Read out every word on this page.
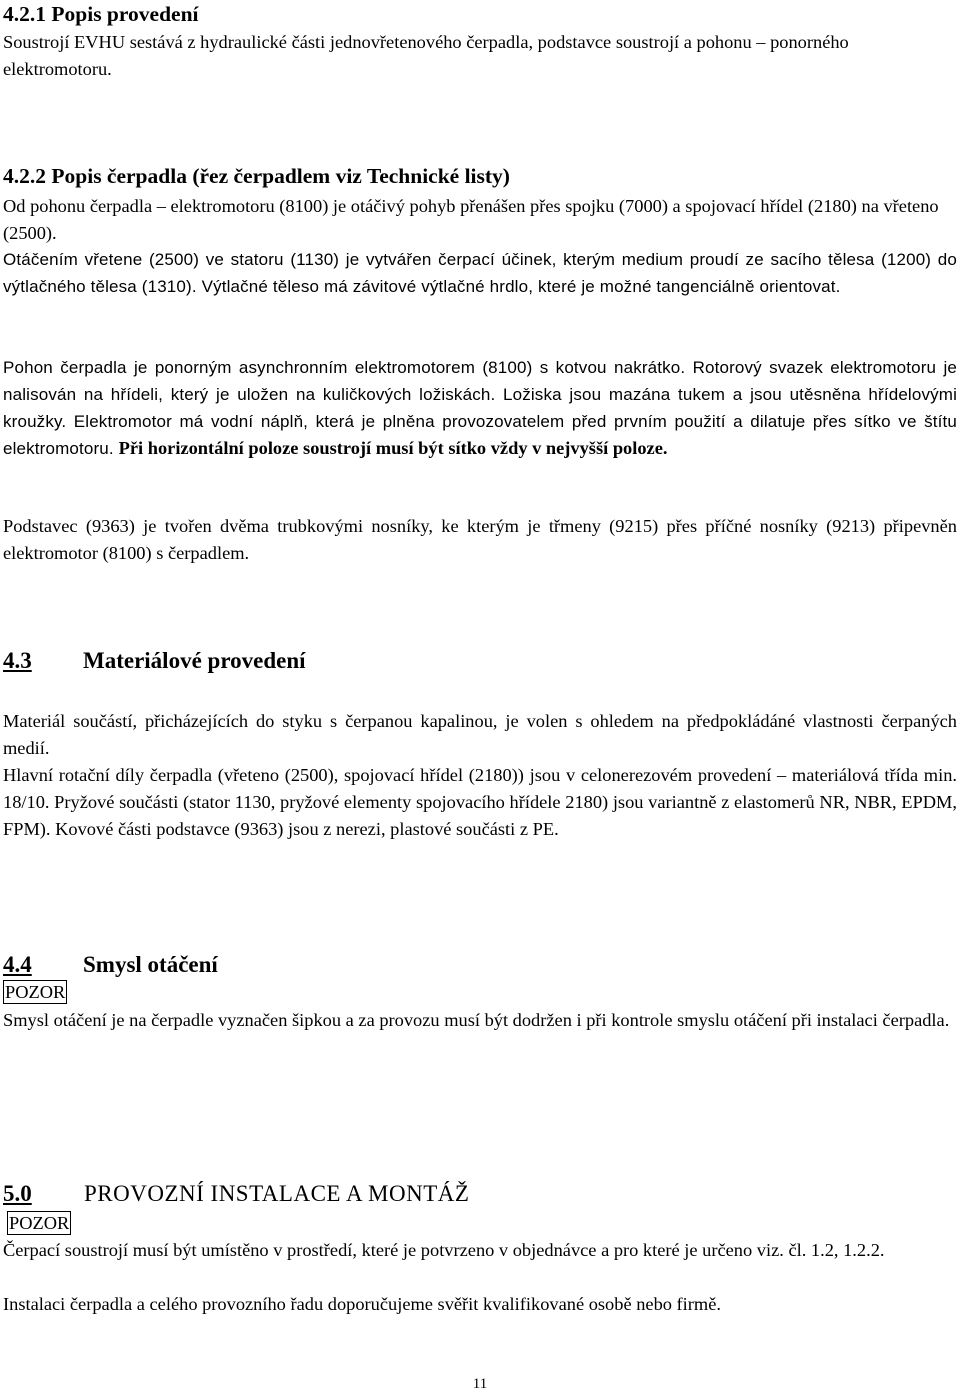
4.2.1 Popis provedení

Soustrojí EVHU sestává z hydraulické části jednovřetenového čerpadla, podstavce soustrojí a pohonu – ponorného elektromotoru.

4.2.2 Popis čerpadla (řez čerpadlem viz Technické listy)

Od pohonu čerpadla – elektromotoru (8100) je otáčivý pohyb přenášen přes spojku (7000) a spojovací hřídel (2180) na vřeteno (2500).

Otáčením vřetene (2500) ve statoru (1130) je vytvářen čerpací účinek, kterým medium proudí ze sacího tělesa (1200) do výtlačného tělesa (1310). Výtlačné těleso má závitové výtlačné hrdlo, které je možné tangenciálně orientovat.

Pohon čerpadla je ponorným asynchronním elektromotorem (8100) s kotvou nakrátko. Rotorový svazek elektromotoru je nalisován na hřídeli, který je uložen na kuličkových ložiskách. Ložiska jsou mazána tukem a jsou utěsněna hřídelovými kroužky. Elektromotor má vodní náplň, která je plněna provozovatelem před prvním použití a dilatuje přes sítko ve štítu elektromotoru. Při horizontální poloze soustrojí musí být sítko vždy v nejvyšší poloze.

Podstavec (9363) je tvořen dvěma trubkovými nosníky, ke kterým je třmeny (9215) přes příčné nosníky (9213) připevněn elektromotor (8100) s čerpadlem.

4.3 Materiálové provedení

Materiál součástí, přicházejících do styku s čerpanou kapalinou, je volen s ohledem na předpokládáné vlastnosti čerpaných medií.

Hlavní rotační díly čerpadla (vřeteno (2500), spojovací hřídel (2180)) jsou v celonerezovém provedení – materiálová třída min. 18/10. Pryžové součásti (stator 1130, pryžové elementy spojovacího hřídele 2180) jsou variantně z elastomerů NR, NBR, EPDM, FPM). Kovové části podstavce (9363) jsou z nerezi, plastové součásti z PE.

4.4 Smysl otáčení
POZOR

Smysl otáčení je na čerpadle vyznačen šipkou a za provozu musí být dodržen i při kontrole smyslu otáčení při instalaci čerpadla.

5.0 PROVOZNÍ INSTALACE A MONTÁŽ
POZOR

Čerpací soustrojí musí být umístěno v prostředí, které je potvrzeno v objednávce a pro které je určeno viz. čl. 1.2, 1.2.2.

Instalaci čerpadla a celého provozního řadu doporučujeme svěřit kvalifikované osobě nebo firmě.

11
